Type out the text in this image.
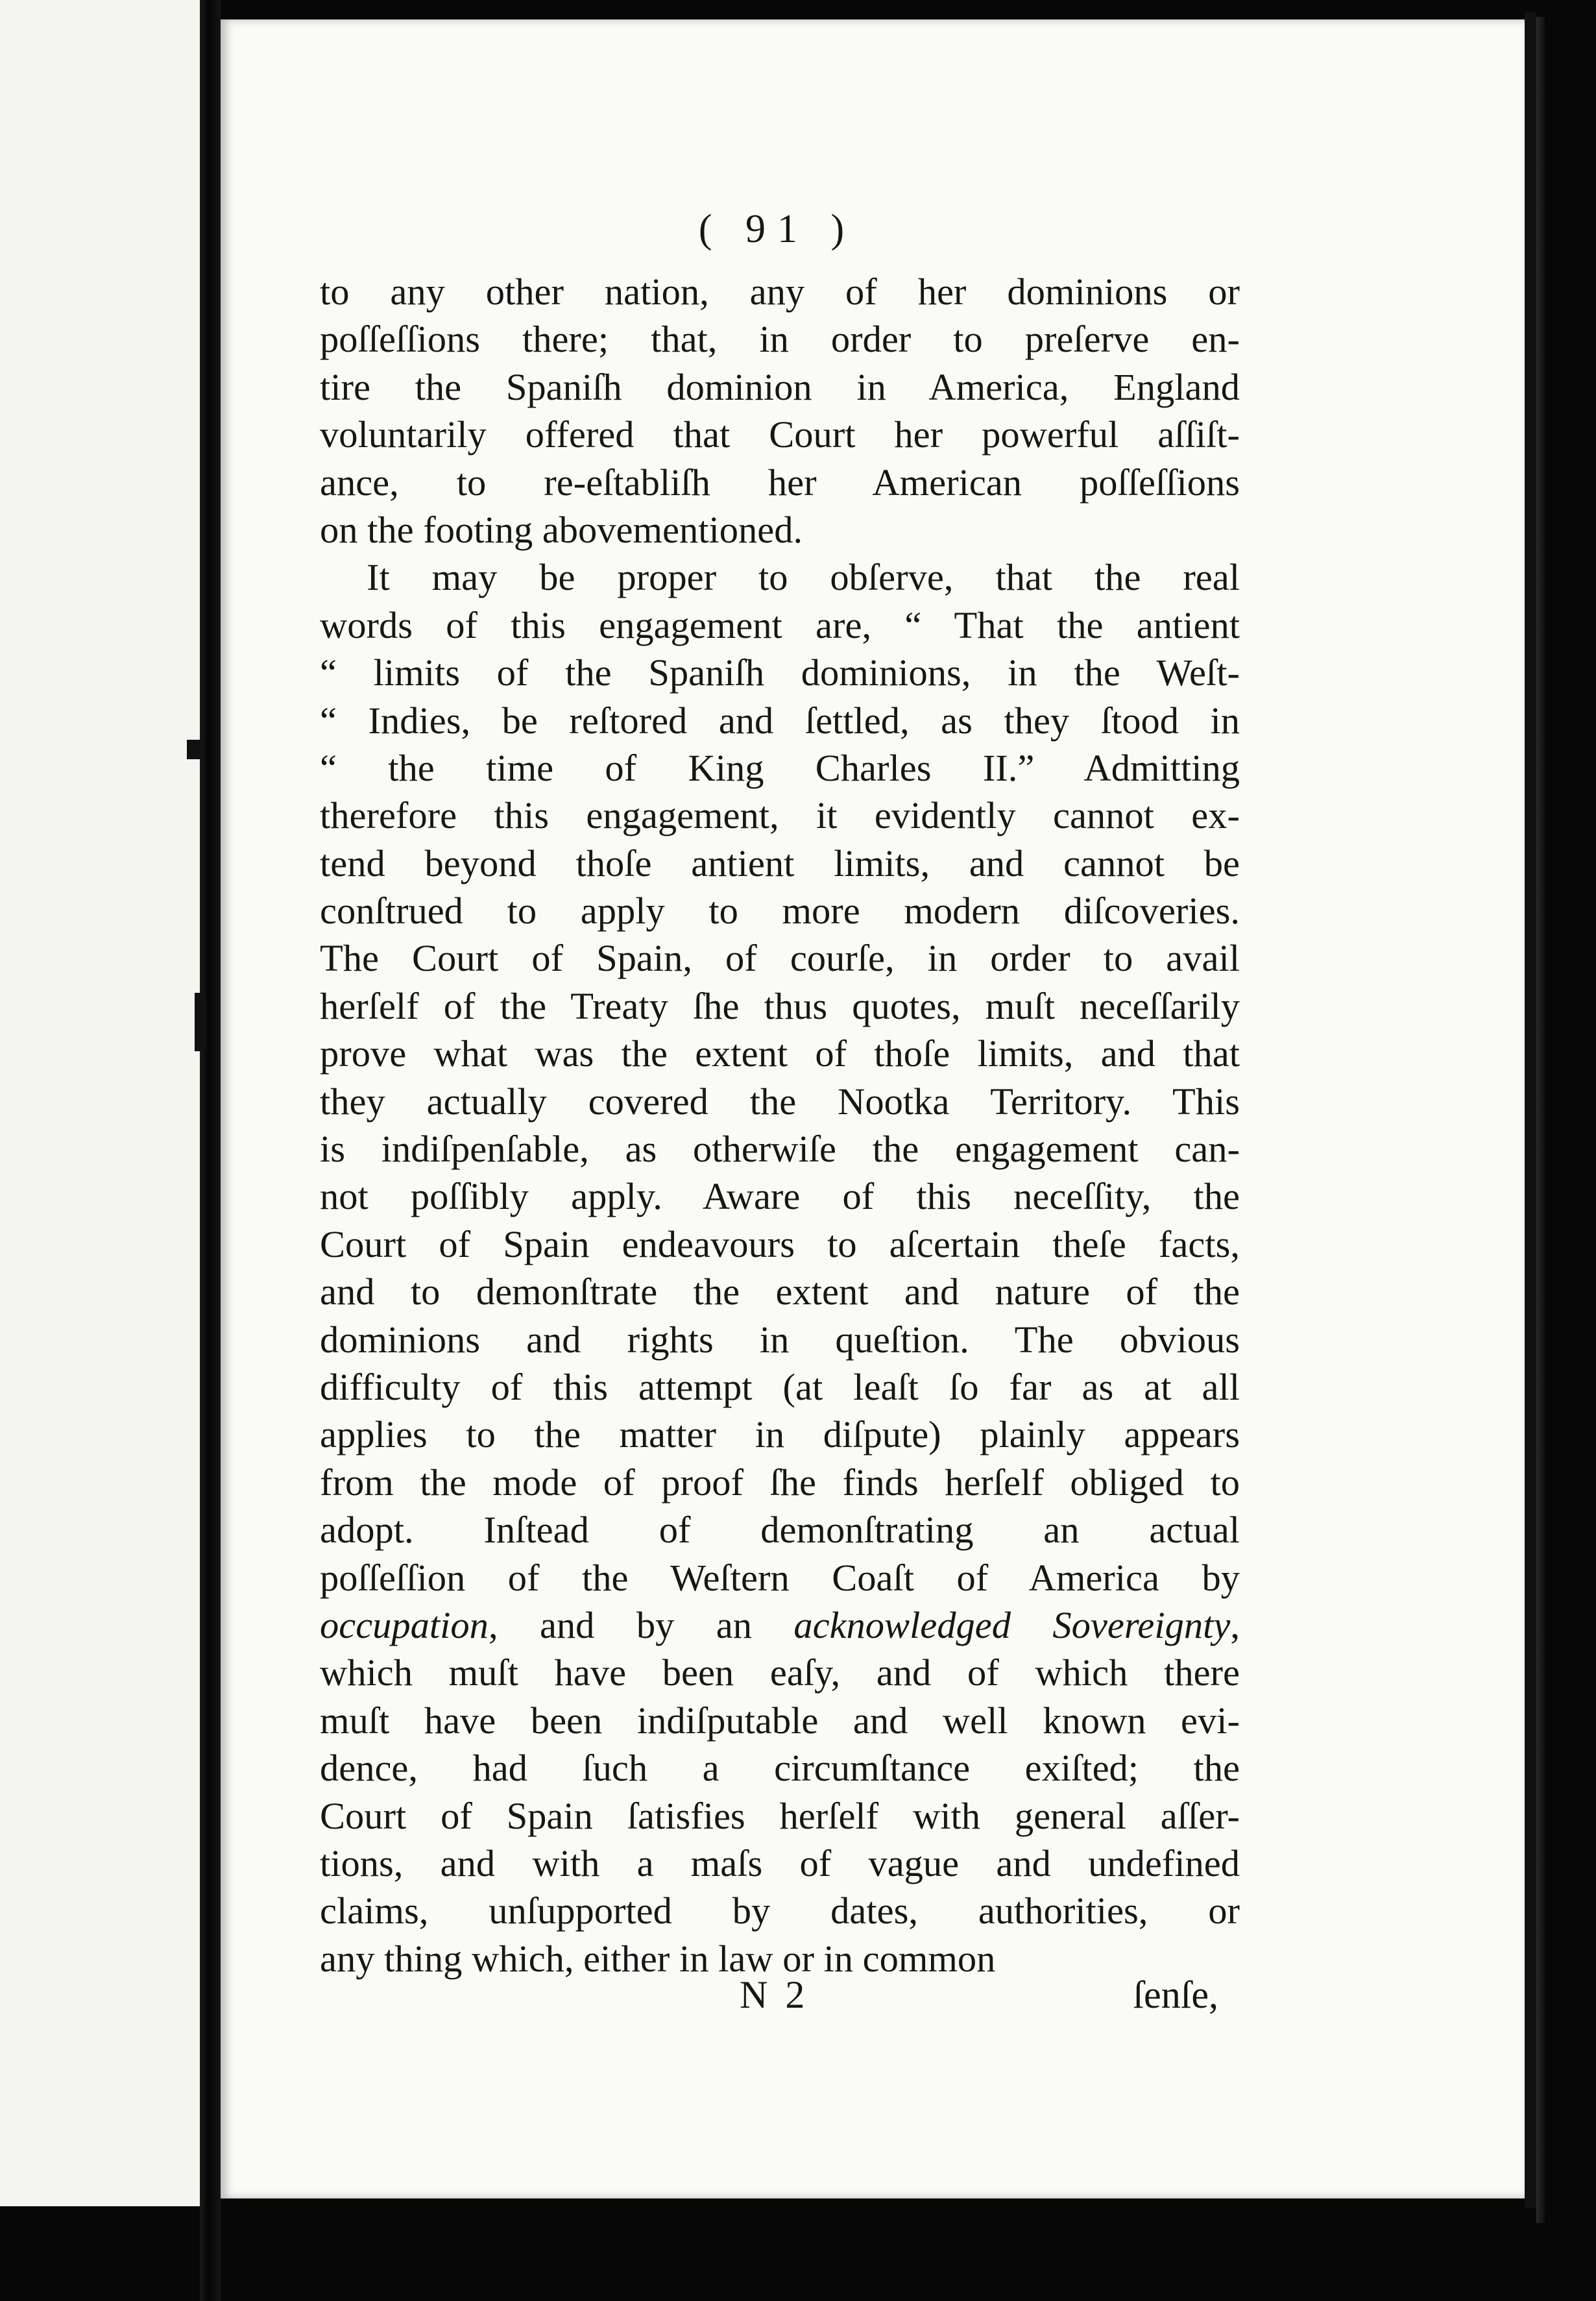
( 91 )
to any other nation, any of her dominions or
poſſeſſions there; that, in order to preſerve en-
tire the Spaniſh dominion in America, England
voluntarily offered that Court her powerful aſſiſt-
ance, to re-eſtabliſh her American poſſeſſions
on the footing abovementioned.
It may be proper to obſerve, that the real
words of this engagement are, “ That the antient
“ limits of the Spaniſh dominions, in the Weſt-
“ Indies, be reſtored and ſettled, as they ſtood in
“ the time of King Charles II.” Admitting
therefore this engagement, it evidently cannot ex-
tend beyond thoſe antient limits, and cannot be
conſtrued to apply to more modern diſcoveries.
The Court of Spain, of courſe, in order to avail
herſelf of the Treaty ſhe thus quotes, muſt neceſſarily
prove what was the extent of thoſe limits, and that
they actually covered the Nootka Territory. This
is indiſpenſable, as otherwiſe the engagement can-
not poſſibly apply. Aware of this neceſſity, the
Court of Spain endeavours to aſcertain theſe facts,
and to demonſtrate the extent and nature of the
dominions and rights in queſtion. The obvious
difficulty of this attempt (at leaſt ſo far as at all
applies to the matter in diſpute) plainly appears
from the mode of proof ſhe finds herſelf obliged to
adopt. Inſtead of demonſtrating an actual
poſſeſſion of the Weſtern Coaſt of America by
occupation, and by an acknowledged Sovereignty,
which muſt have been eaſy, and of which there
muſt have been indiſputable and well known evi-
dence, had ſuch a circumſtance exiſted; the
Court of Spain ſatisfies herſelf with general aſſer-
tions, and with a maſs of vague and undefined
claims, unſupported by dates, authorities, or
any thing which, either in law or in common
N 2	ſenſe,
